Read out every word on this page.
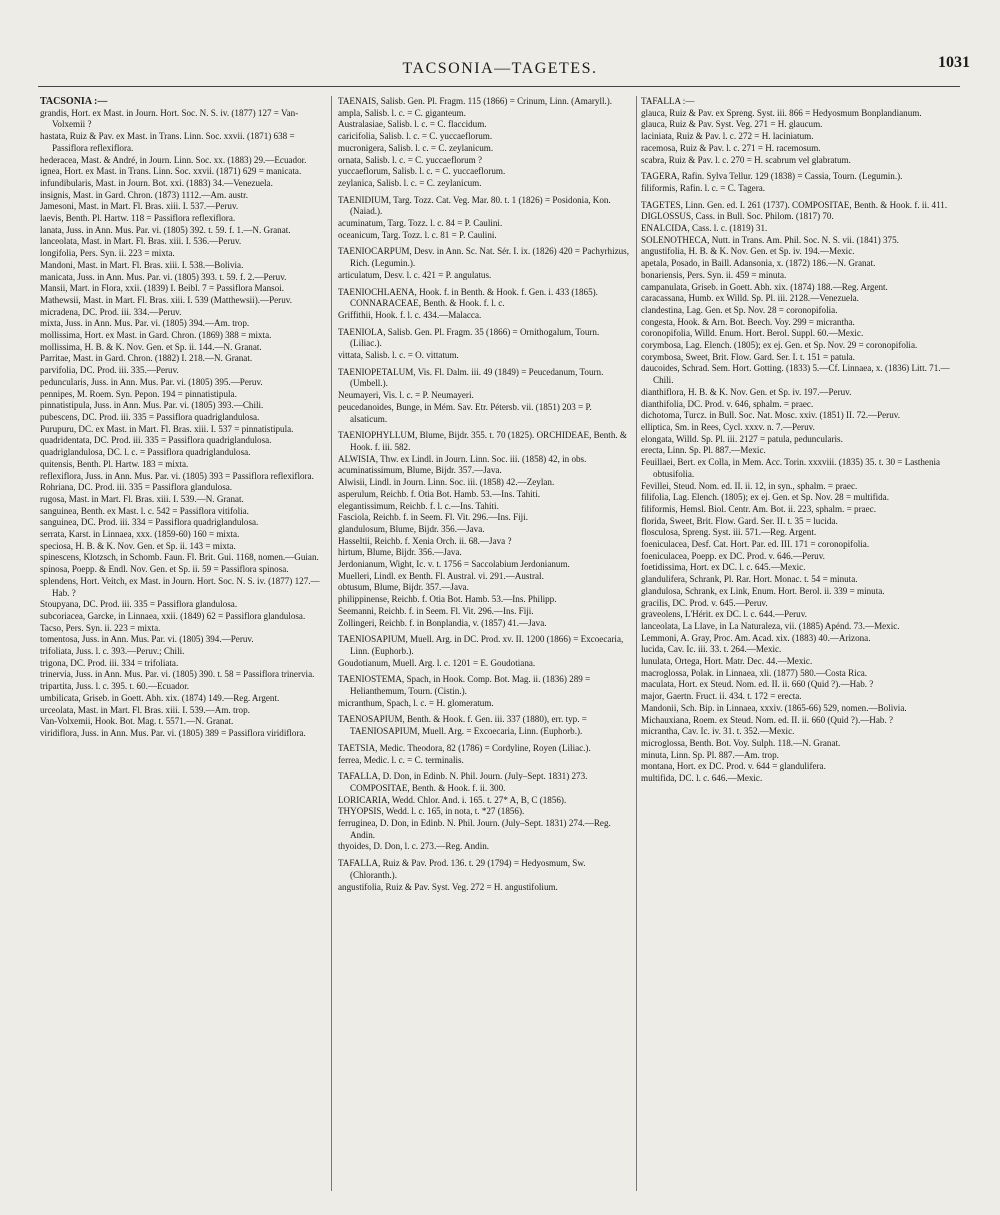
TACSONIA—TAGETES.	1031

TACSONIA :—

grandis, Hort. ex Mast. in Journ. Hort. Soc. N. S. iv. (1877) 127 = Van-Volxemii ?

hastata, Ruiz & Pav. ex Mast. in Trans. Linn. Soc. xxvii. (1871) 638 = Passiflora reflexiflora.

hederacea, Mast. & André, in Journ. Linn. Soc. xx. (1883) 29.—Ecuador.

ignea, Hort. ex Mast. in Trans. Linn. Soc. xxvii. (1871) 629 = manicata.

infundibularis, Mast. in Journ. Bot. xxi. (1883) 34.—Venezuela.

insignis, Mast. in Gard. Chron. (1873) 1112.—Am. austr.

Jamesoni, Mast. in Mart. Fl. Bras. xiii. I. 537.—Peruv.

laevis, Benth. Pl. Hartw. 118 = Passiflora reflexiflora.

lanata, Juss. in Ann. Mus. Par. vi. (1805) 392. t. 59. f. 1.—N. Granat.

lanceolata, Mast. in Mart. Fl. Bras. xiii. I. 536.—Peruv.

longifolia, Pers. Syn. ii. 223 = mixta.

Mandoni, Mast. in Mart. Fl. Bras. xiii. I. 538.—Bolivia.

manicata, Juss. in Ann. Mus. Par. vi. (1805) 393. t. 59. f. 2.—Peruv.

Mansii, Mart. in Flora, xxii. (1839) I. Beibl. 7 = Passiflora Mansoi.

Mathewsii, Mast. in Mart. Fl. Bras. xiii. I. 539 (Matthewsii).—Peruv.

micradena, DC. Prod. iii. 334.—Peruv.

mixta, Juss. in Ann. Mus. Par. vi. (1805) 394.—Am. trop.

mollissima, Hort. ex Mast. in Gard. Chron. (1869) 388 = mixta.

mollissima, H. B. & K. Nov. Gen. et Sp. ii. 144.—N. Granat.

Parritae, Mast. in Gard. Chron. (1882) I. 218.—N. Granat.

parvifolia, DC. Prod. iii. 335.—Peruv.

peduncularis, Juss. in Ann. Mus. Par. vi. (1805) 395.—Peruv.

pennipes, M. Roem. Syn. Pepon. 194 = pinnatistipula.

pinnatistipula, Juss. in Ann. Mus. Par. vi. (1805) 393.—Chili.

pubescens, DC. Prod. iii. 335 = Passiflora quadriglandulosa.

Purupuru, DC. ex Mast. in Mart. Fl. Bras. xiii. I. 537 = pinnatistipula.

quadridentata, DC. Prod. iii. 335 = Passiflora quadriglandulosa.

quadriglandulosa, DC. l. c. = Passiflora quadriglandulosa.

quitensis, Benth. Pl. Hartw. 183 = mixta.

reflexiflora, Juss. in Ann. Mus. Par. vi. (1805) 393 = Passiflora reflexiflora.

Rohriana, DC. Prod. iii. 335 = Passiflora glandulosa.

rugosa, Mast. in Mart. Fl. Bras. xiii. I. 539.—N. Granat.

sanguinea, Benth. ex Mast. l. c. 542 = Passiflora vitifolia.

sanguinea, DC. Prod. iii. 334 = Passiflora quadriglandulosa.

serrata, Karst. in Linnaea, xxx. (1859-60) 160 = mixta.

speciosa, H. B. & K. Nov. Gen. et Sp. ii. 143 = mixta.

spinescens, Klotzsch, in Schomb. Faun. Fl. Brit. Gui. 1168, nomen.—Guian.

spinosa, Poepp. & Endl. Nov. Gen. et Sp. ii. 59 = Passiflora spinosa.

splendens, Hort. Veitch, ex Mast. in Journ. Hort. Soc. N. S. iv. (1877) 127.—Hab. ?

Stoupyana, DC. Prod. iii. 335 = Passiflora glandulosa.

subcoriacea, Garcke, in Linnaea, xxii. (1849) 62 = Passiflora glandulosa.

Tacso, Pers. Syn. ii. 223 = mixta.

tomentosa, Juss. in Ann. Mus. Par. vi. (1805) 394.—Peruv.

trifoliata, Juss. l. c. 393.—Peruv.; Chili.

trigona, DC. Prod. iii. 334 = trifoliata.

trinervia, Juss. in Ann. Mus. Par. vi. (1805) 390. t. 58 = Passiflora trinervia.

tripartita, Juss. l. c. 395. t. 60.—Ecuador.

umbilicata, Griseb. in Goett. Abh. xix. (1874) 149.—Reg. Argent.

urceolata, Mast. in Mart. Fl. Bras. xiii. I. 539.—Am. trop.

Van-Volxemii, Hook. Bot. Mag. t. 5571.—N. Granat.

viridiflora, Juss. in Ann. Mus. Par. vi. (1805) 389 = Passiflora viridiflora.

TAENAIS, Salisb. Gen. Pl. Fragm. 115 (1866) = Crinum, Linn. (Amaryll.).

ampla, Salisb. l. c. = C. giganteum.

Australasiae, Salisb. l. c. = C. flaccidum.

caricifolia, Salisb. l. c. = C. yuccaeflorum.

mucronigera, Salisb. l. c. = C. zeylanicum.

ornata, Salisb. l. c. = C. yuccaeflorum ?

yuccaeflorum, Salisb. l. c. = C. yuccaeflorum.

zeylanica, Salisb. l. c. = C. zeylanicum.

TAENIDIUM, Targ. Tozz. Cat. Veg. Mar. 80. t. 1 (1826) = Posidonia, Kon. (Naiad.).

acuminatum, Targ. Tozz. l. c. 84 = P. Caulini.

oceanicum, Targ. Tozz. l. c. 81 = P. Caulini.

TAENIOCARPUM, Desv. in Ann. Sc. Nat. Sér. I. ix. (1826) 420 = Pachyrhizus, Rich. (Legumin.).

articulatum, Desv. l. c. 421 = P. angulatus.

TAENIOCHLAENA, Hook. f. in Benth. & Hook. f. Gen. i. 433 (1865). CONNARACEAE, Benth. & Hook. f. l. c.

Griffithii, Hook. f. l. c. 434.—Malacca.

TAENIOLA, Salisb. Gen. Pl. Fragm. 35 (1866) = Ornithogalum, Tourn. (Liliac.).

vittata, Salisb. l. c. = O. vittatum.

TAENIOPETALUM, Vis. Fl. Dalm. iii. 49 (1849) = Peucedanum, Tourn. (Umbell.).

Neumayeri, Vis. l. c. = P. Neumayeri.

peucedanoides, Bunge, in Mém. Sav. Etr. Pétersb. vii. (1851) 203 = P. alsaticum.

TAENIOPHYLLUM, Blume, Bijdr. 355. t. 70 (1825). ORCHIDEAE, Benth. & Hook. f. iii. 582.

ALWISIA, Thw. ex Lindl. in Journ. Linn. Soc. iii. (1858) 42, in obs.

acuminatissimum, Blume, Bijdr. 357.—Java.

Alwisii, Lindl. in Journ. Linn. Soc. iii. (1858) 42.—Zeylan.

asperulum, Reichb. f. Otia Bot. Hamb. 53.—Ins. Tahiti.

elegantissimum, Reichb. f. l. c.—Ins. Tahiti.

Fasciola, Reichb. f. in Seem. Fl. Vit. 296.—Ins. Fiji.

glandulosum, Blume, Bijdr. 356.—Java.

Hasseltii, Reichb. f. Xenia Orch. ii. 68.—Java ?

hirtum, Blume, Bijdr. 356.—Java.

Jerdonianum, Wight, Ic. v. t. 1756 = Saccolabium Jerdonianum.

Muelleri, Lindl. ex Benth. Fl. Austral. vi. 291.—Austral.

obtusum, Blume, Bijdr. 357.—Java.

philippinense, Reichb. f. Otia Bot. Hamb. 53.—Ins. Philipp.

Seemanni, Reichb. f. in Seem. Fl. Vit. 296.—Ins. Fiji.

Zollingeri, Reichb. f. in Bonplandia, v. (1857) 41.—Java.

TAENIOSAPIUM, Muell. Arg. in DC. Prod. xv. II. 1200 (1866) = Excoecaria, Linn. (Euphorb.).

Goudotianum, Muell. Arg. l. c. 1201 = E. Goudotiana.

TAENIOSTEMA, Spach, in Hook. Comp. Bot. Mag. ii. (1836) 289 = Helianthemum, Tourn. (Cistin.).

micranthum, Spach, l. c. = H. glomeratum.

TAENOSAPIUM, Benth. & Hook. f. Gen. iii. 337 (1880), err. typ. = TAENIOSAPIUM, Muell. Arg. = Excoecaria, Linn. (Euphorb.).

TAETSIA, Medic. Theodora, 82 (1786) = Cordyline, Royen (Liliac.).

ferrea, Medic. l. c. = C. terminalis.

TAFALLA, D. Don, in Edinb. N. Phil. Journ. (July–Sept. 1831) 273. COMPOSITAE, Benth. & Hook. f. ii. 300.

LORICARIA, Wedd. Chlor. And. i. 165. t. 27* A, B, C (1856).

THYOPSIS, Wedd. l. c. 165, in nota, t. *27 (1856).

ferruginea, D. Don, in Edinb. N. Phil. Journ. (July–Sept. 1831) 274.—Reg. Andin.

thyoides, D. Don, l. c. 273.—Reg. Andin.

TAFALLA, Ruiz & Pav. Prod. 136. t. 29 (1794) = Hedyosmum, Sw. (Chloranth.).

angustifolia, Ruiz & Pav. Syst. Veg. 272 = H. angustifolium.

TAFALLA :—

glauca, Ruiz & Pav. ex Spreng. Syst. iii. 866 = Hedyosmum Bonplandianum.

glauca, Ruiz & Pav. Syst. Veg. 271 = H. glaucum.

laciniata, Ruiz & Pav. l. c. 272 = H. laciniatum.

racemosa, Ruiz & Pav. l. c. 271 = H. racemosum.

scabra, Ruiz & Pav. l. c. 270 = H. scabrum vel glabratum.

TAGERA, Rafin. Sylva Tellur. 129 (1838) = Cassia, Tourn. (Legumin.).

filiformis, Rafin. l. c. = C. Tagera.

TAGETES, Linn. Gen. ed. I. 261 (1737). COMPOSITAE, Benth. & Hook. f. ii. 411.

DIGLOSSUS, Cass. in Bull. Soc. Philom. (1817) 70.

ENALCIDA, Cass. l. c. (1819) 31.

SOLENOTHECA, Nutt. in Trans. Am. Phil. Soc. N. S. vii. (1841) 375.

angustifolia, H. B. & K. Nov. Gen. et Sp. iv. 194.—Mexic.

apetala, Posado, in Baill. Adansonia, x. (1872) 186.—N. Granat.

bonariensis, Pers. Syn. ii. 459 = minuta.

campanulata, Griseb. in Goett. Abh. xix. (1874) 188.—Reg. Argent.

caracassana, Humb. ex Willd. Sp. Pl. iii. 2128.—Venezuela.

clandestina, Lag. Gen. et Sp. Nov. 28 = coronopifolia.

congesta, Hook. & Arn. Bot. Beech. Voy. 299 = micrantha.

coronopifolia, Willd. Enum. Hort. Berol. Suppl. 60.—Mexic.

corymbosa, Lag. Elench. (1805); ex ej. Gen. et Sp. Nov. 29 = coronopifolia.

corymbosa, Sweet, Brit. Flow. Gard. Ser. I. t. 151 = patula.

daucoides, Schrad. Sem. Hort. Gotting. (1833) 5.—Cf. Linnaea, x. (1836) Litt. 71.—Chili.

dianthiflora, H. B. & K. Nov. Gen. et Sp. iv. 197.—Peruv.

dianthifolia, DC. Prod. v. 646, sphalm. = praec.

dichotoma, Turcz. in Bull. Soc. Nat. Mosc. xxiv. (1851) II. 72.—Peruv.

elliptica, Sm. in Rees, Cycl. xxxv. n. 7.—Peruv.

elongata, Willd. Sp. Pl. iii. 2127 = patula, peduncularis.

erecta, Linn. Sp. Pl. 887.—Mexic.

Feuillaei, Bert. ex Colla, in Mem. Acc. Torin. xxxviii. (1835) 35. t. 30 = Lasthenia obtusifolia.

Fevillei, Steud. Nom. ed. II. ii. 12, in syn., sphalm. = praec.

filifolia, Lag. Elench. (1805); ex ej. Gen. et Sp. Nov. 28 = multifida.

filiformis, Hemsl. Biol. Centr. Am. Bot. ii. 223, sphalm. = praec.

florida, Sweet, Brit. Flow. Gard. Ser. II. t. 35 = lucida.

flosculosa, Spreng. Syst. iii. 571.—Reg. Argent.

foeniculacea, Desf. Cat. Hort. Par. ed. III. 171 = coronopifolia.

foeniculacea, Poepp. ex DC. Prod. v. 646.—Peruv.

foetidissima, Hort. ex DC. l. c. 645.—Mexic.

glandulifera, Schrank, Pl. Rar. Hort. Monac. t. 54 = minuta.

glandulosa, Schrank, ex Link, Enum. Hort. Berol. ii. 339 = minuta.

gracilis, DC. Prod. v. 645.—Peruv.

graveolens, L'Hérit. ex DC. l. c. 644.—Peruv.

lanceolata, La Llave, in La Naturaleza, vii. (1885) Apénd. 73.—Mexic.

Lemmoni, A. Gray, Proc. Am. Acad. xix. (1883) 40.—Arizona.

lucida, Cav. Ic. iii. 33. t. 264.—Mexic.

lunulata, Ortega, Hort. Matr. Dec. 44.—Mexic.

macroglossa, Polak. in Linnaea, xli. (1877) 580.—Costa Rica.

maculata, Hort. ex Steud. Nom. ed. II. ii. 660 (Quid ?).—Hab. ?

major, Gaertn. Fruct. ii. 434. t. 172 = erecta.

Mandonii, Sch. Bip. in Linnaea, xxxiv. (1865-66) 529, nomen.—Bolivia.

Michauxiana, Roem. ex Steud. Nom. ed. II. ii. 660 (Quid ?).—Hab. ?

micrantha, Cav. Ic. iv. 31. t. 352.—Mexic.

microglossa, Benth. Bot. Voy. Sulph. 118.—N. Granat.

minuta, Linn. Sp. Pl. 887.—Am. trop.

montana, Hort. ex DC. Prod. v. 644 = glandulifera.

multifida, DC. l. c. 646.—Mexic.
